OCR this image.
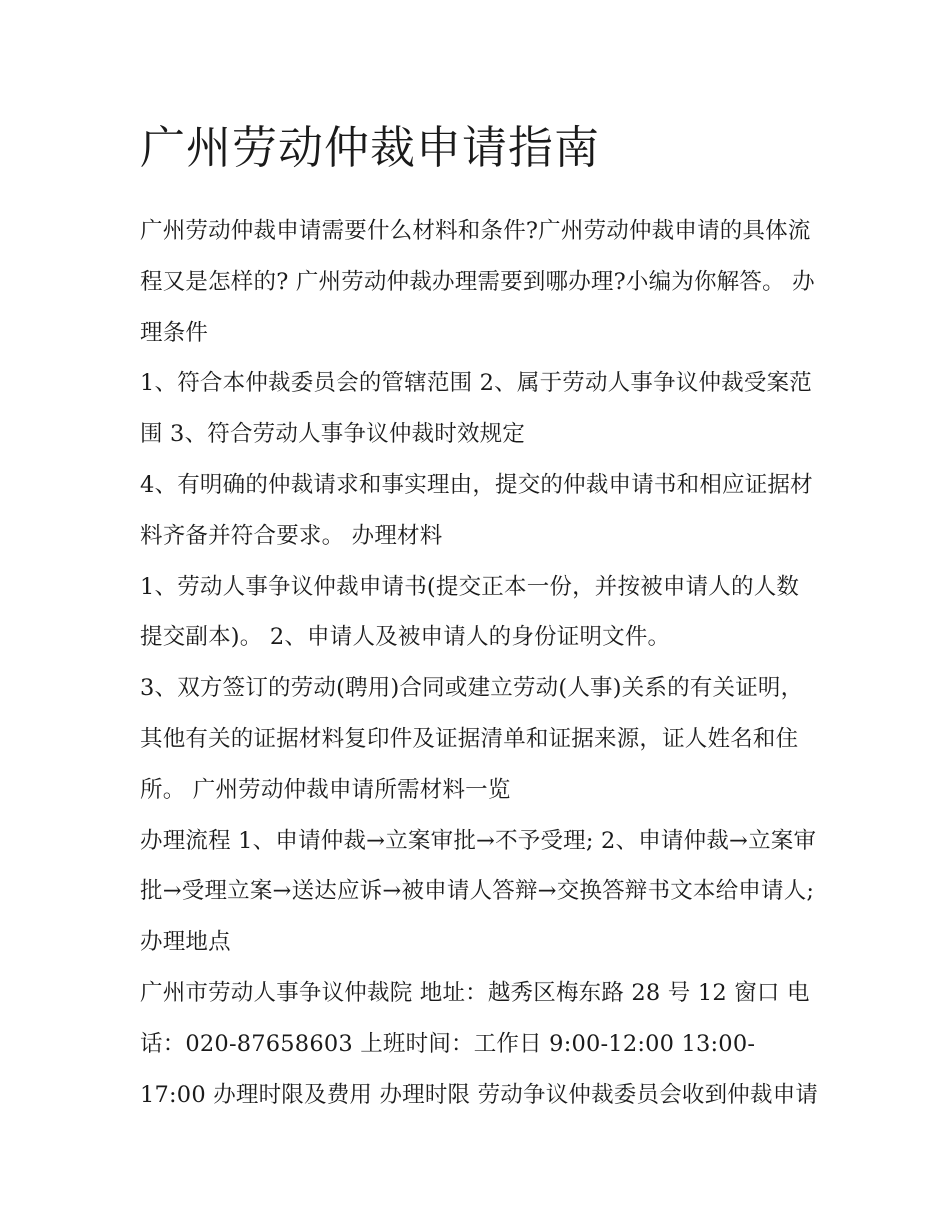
广州劳动仲裁申请指南

广州劳动仲裁申请需要什么材料和条件?广州劳动仲裁申请的具体流程又是怎样的? 广州劳动仲裁办理需要到哪办理?小编为你解答。 办理条件

1、符合本仲裁委员会的管辖范围 2、属于劳动人事争议仲裁受案范围 3、符合劳动人事争议仲裁时效规定

4、有明确的仲裁请求和事实理由，提交的仲裁申请书和相应证据材料齐备并符合要求。 办理材料

1、劳动人事争议仲裁申请书(提交正本一份，并按被申请人的人数提交副本)。 2、申请人及被申请人的身份证明文件。

3、双方签订的劳动(聘用)合同或建立劳动(人事)关系的有关证明，其他有关的证据材料复印件及证据清单和证据来源，证人姓名和住所。 广州劳动仲裁申请所需材料一览

办理流程 1、申请仲裁→立案审批→不予受理; 2、申请仲裁→立案审批→受理立案→送达应诉→被申请人答辩→交换答辩书文本给申请人; 办理地点

广州市劳动人事争议仲裁院 地址：越秀区梅东路 28 号 12 窗口 电话：020-87658603 上班时间：工作日 9:00-12:00 13:00-17:00 办理时限及费用 办理时限 劳动争议仲裁委员会收到仲裁申请
